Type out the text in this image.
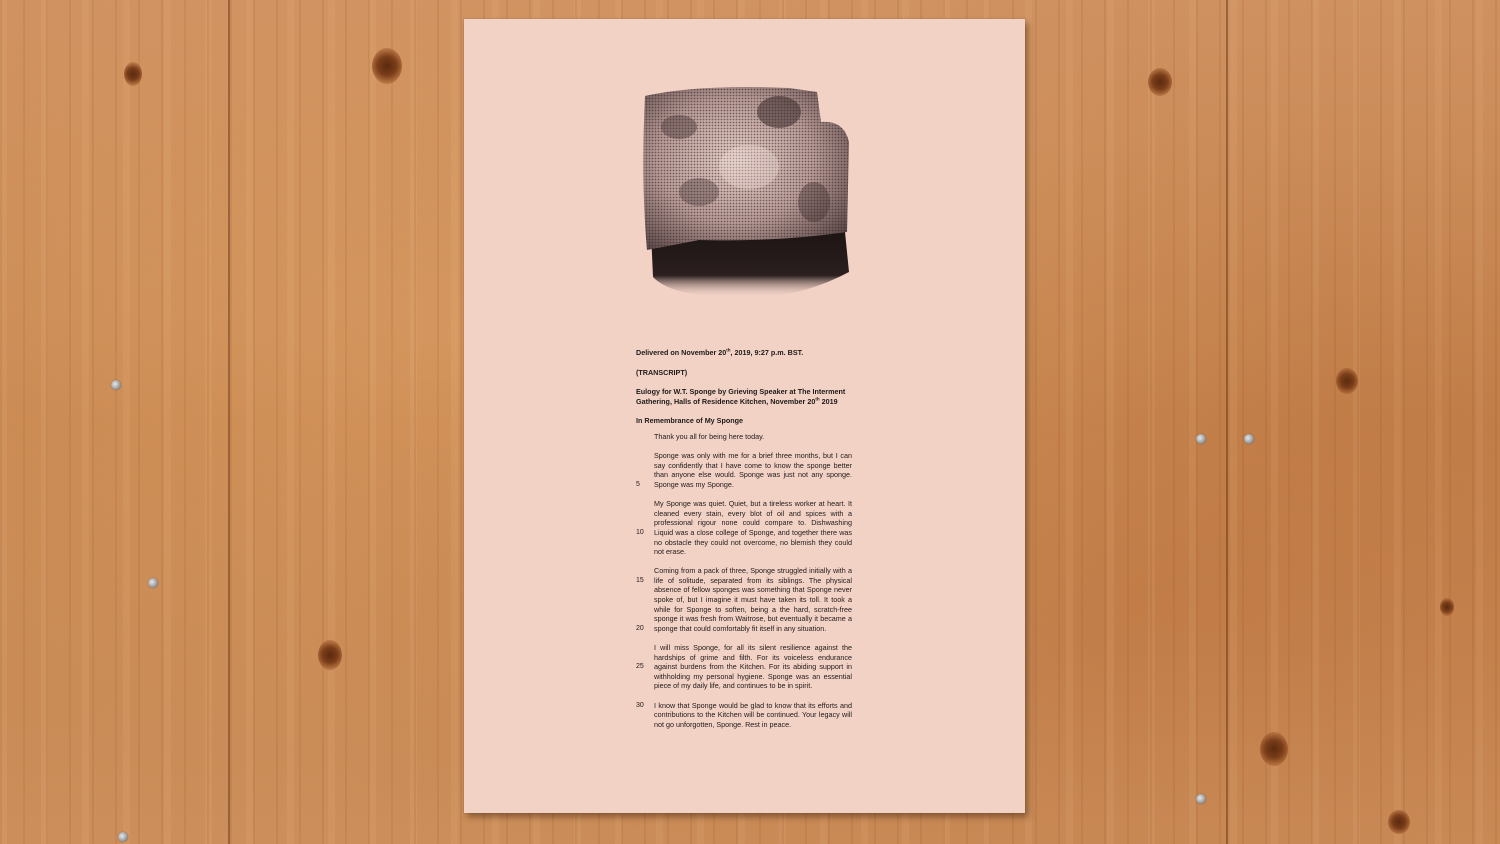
Delivered on November 20th, 2019, 9:27 p.m. BST.
(TRANSCRIPT)
Eulogy for W.T. Sponge by Grieving Speaker at The Interment Gathering, Halls of Residence Kitchen, November 20th 2019
In Remembrance of My Sponge
Thank you all for being here today.
5
Sponge was only with me for a brief three months, but I can say confidently that I have come to know the sponge better than anyone else would. Sponge was just not any sponge. Sponge was my Sponge.
10
My Sponge was quiet. Quiet, but a tireless worker at heart. It cleaned every stain, every blot of oil and spices with a professional rigour none could compare to. Dishwashing Liquid was a close college of Sponge, and together there was no obstacle they could not overcome, no blemish they could not erase.
15
20
Coming from a pack of three, Sponge struggled initially with a life of solitude, separated from its siblings. The physical absence of fellow sponges was something that Sponge never spoke of, but I imagine it must have taken its toll. It took a while for Sponge to soften, being a the hard, scratch-free sponge it was fresh from Waitrose, but eventually it became a sponge that could comfortably fit itself in any situation.
25
I will miss Sponge, for all its silent resilience against the hardships of grime and filth. For its voiceless endurance against burdens from the Kitchen. For its abiding support in withholding my personal hygiene. Sponge was an essential piece of my daily life, and continues to be in spirit.
30 I know that Sponge would be glad to know that its efforts and contributions to the Kitchen will be continued. Your legacy will not go unforgotten, Sponge. Rest in peace.
